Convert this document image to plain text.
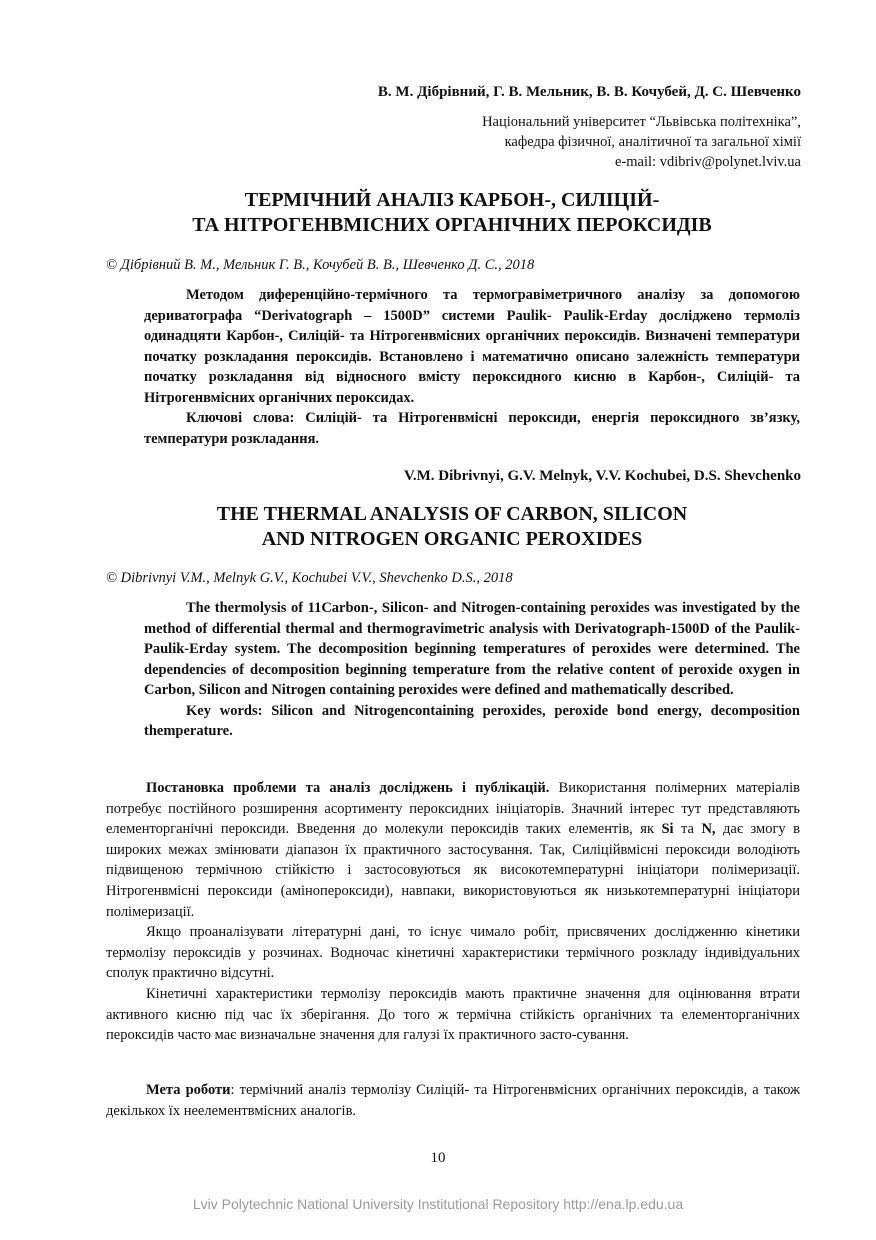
В. М. Дібрівний, Г. В. Мельник, В. В. Кочубей, Д. С. Шевченко
Національний університет “Львівська політехніка”,
кафедра фізичної, аналітичної та загальної хімії
e-mail: vdibriv@polynet.lviv.ua
ТЕРМІЧНИЙ АНАЛІЗ КАРБОН-, СИЛІЦІЙ-
ТА НІТРОГЕНВМІСНИХ ОРГАНІЧНИХ ПЕРОКСИДІВ
© Дібрівний В. М., Мельник Г. В., Кочубей В. В., Шевченко Д. С., 2018

Методом диференційно-термічного та термогравіметричного аналізу за допомогою дериватографа “Derivatograph – 1500D” системи Paulik- Paulik-Erday досліджено термоліз одинадцяти Карбон-, Силіцій- та Нітрогенвмісних органічних пероксидів. Визначені температури початку розкладання пероксидів. Встановлено і математично описано залежність температури початку розкладання від відносного вмісту пероксидного кисню в Карбон-, Силіцій- та Нітрогенвмісних органічних пероксидах.

Ключові слова: Силіцій- та Нітрогенвмісні пероксиди, енергія пероксидного зв’язку, температури розкладання.

V.M. Dibrivnyi, G.V. Melnyk, V.V. Kochubei, D.S. Shevchenko
THE THERMAL ANALYSIS OF CARBON, SILICON
AND NITROGEN ORGANIC PEROXIDES
© Dibrivnyi V.M., Melnyk G.V., Kochubei V.V., Shevchenko D.S., 2018

The thermolysis of 11Carbon-, Silicon- and Nitrogen-containing peroxides was investigated by the method of differential thermal and thermogravimetric analysis with Derivatograph-1500D of the Paulik-Paulik-Erday system. The decomposition beginning temperatures of peroxides were determined. The dependencies of decomposition beginning temperature from the relative content of peroxide oxygen in Carbon, Silicon and Nitrogen containing peroxides were defined and mathematically described.

Key words: Silicon and Nitrogencontaining peroxides, peroxide bond energy, decomposition themperature.

Постановка проблеми та аналіз досліджень і публікацій. Використання полімерних матеріалів потребує постійного розширення асортименту пероксидних ініціаторів. Значний інтерес тут представляють елементорганічні пероксиди. Введення до молекули пероксидів таких елементів, як Si та N, дає змогу в широких межах змінювати діапазон їх практичного застосування. Так, Силіційвмісні пероксиди володіють підвищеною термічною стійкістю і застосовуються як високотемпературні ініціатори полімеризації. Нітрогенвмісні пероксиди (амінопероксиди), навпаки, використовуються як низькотемпературні ініціатори полімеризації.

Якщо проаналізувати літературні дані, то існує чимало робіт, присвячених дослідженню кінетики термолізу пероксидів у розчинах. Водночас кінетичні характеристики термічного розкладу індивідуальних сполук практично відсутні.

Кінетичні характеристики термолізу пероксидів мають практичне значення для оцінювання втрати активного кисню під час їх зберігання. До того ж термічна стійкість органічних та елементорганічних пероксидів часто має визначальне значення для галузі їх практичного засто-сування.

Мета роботи: термічний аналіз термолізу Силіцій- та Нітрогенвмісних органічних пероксидів, а також декількох їх неелементвмісних аналогів.

10
Lviv Polytechnic National University Institutional Repository http://ena.lp.edu.ua
